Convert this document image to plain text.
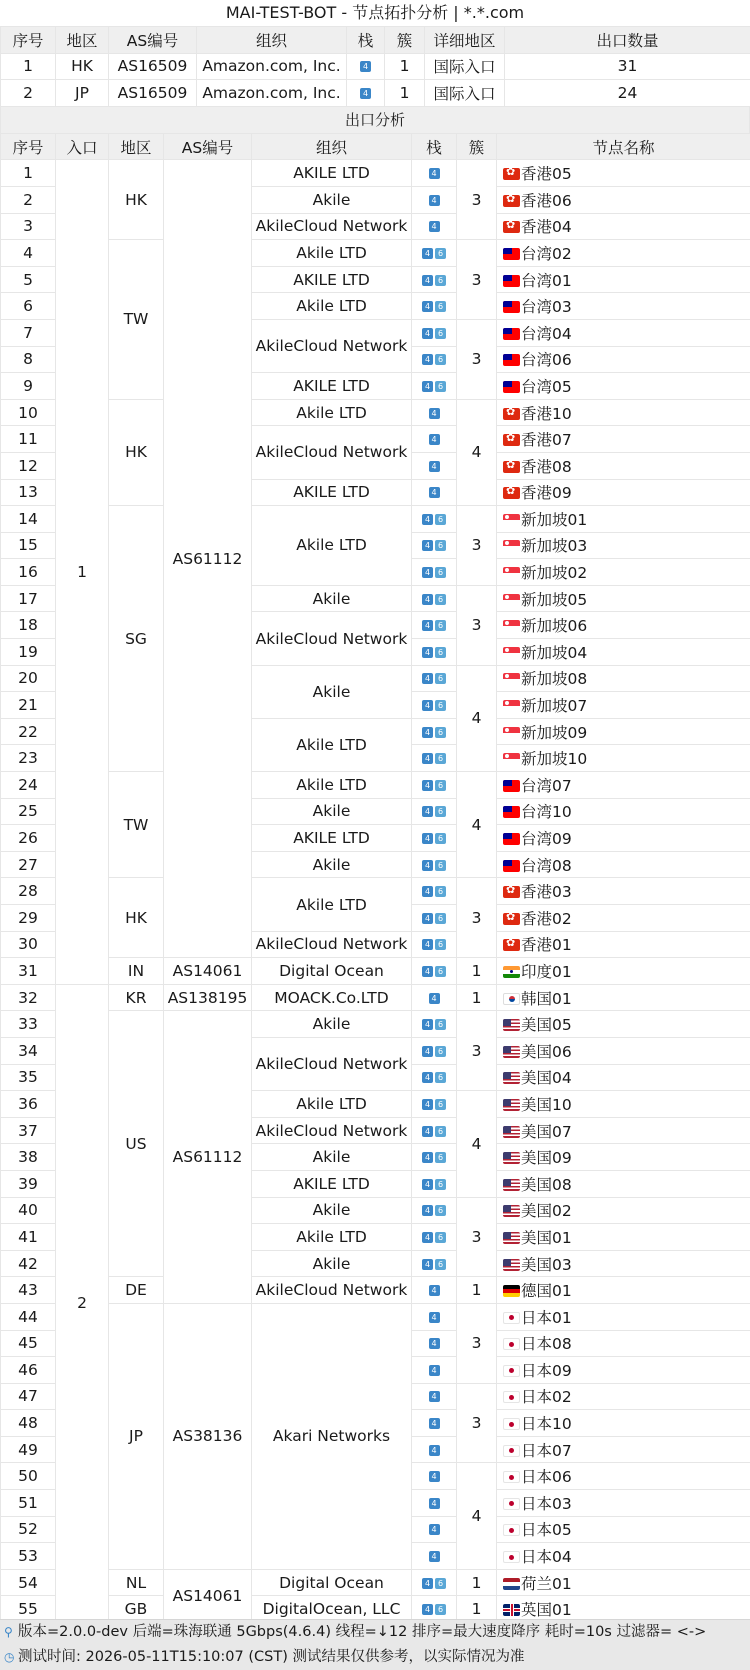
MAI-TEST-BOT - 节点拓扑分析 | *.*.com
序号	地区	AS编号	组织	栈	簇	详细地区	出口数量
1	HK	AS16509	Amazon.com, Inc.	4	1	国际入口	31
2	JP	AS16509	Amazon.com, Inc.	4	1	国际入口	24
出口分析
序号	入口	地区	AS编号	组织	栈	簇	节点名称
1	1	HK	AS61112	AKILE LTD	4	3	✿香港05
2				Akile	4	✿香港06
3				AkileCloud Network	4	✿香港04
4		TW		Akile LTD	4 6	3	台湾02
5				AKILE LTD	4 6		台湾01
6				Akile LTD	4 6		台湾03
7				AkileCloud Network	4 6	3	台湾04
8					4 6		台湾06
9				AKILE LTD	4 6		台湾05
10		HK		Akile LTD	4	4	✿香港10
11				AkileCloud Network	4	✿香港07
12					4	✿香港08
13				AKILE LTD	4	✿香港09
14		SG		Akile LTD	4 6	3	新加坡01
15					4 6		新加坡03
16					4 6		新加坡02
17				Akile	4 6	3	新加坡05
18				AkileCloud Network	4 6		新加坡06
19					4 6		新加坡04
20				Akile	4 6	4	新加坡08
21					4 6		新加坡07
22				Akile LTD	4 6		新加坡09
23					4 6		新加坡10
24		TW		Akile LTD	4 6	4	台湾07
25				Akile	4 6		台湾10
26				AKILE LTD	4 6		台湾09
27				Akile	4 6		台湾08
28		HK		Akile LTD	4 6	3	✿香港03
29					4 6	✿香港02
30				AkileCloud Network	4 6	✿香港01
31		IN	AS14061	Digital Ocean	4 6	1	印度01
32	2	KR	AS138195	MOACK.Co.LTD	4	1	韩国01
33		US	AS61112	Akile	4 6	3	美国05
34				AkileCloud Network	4 6		美国06
35					4 6		美国04
36				Akile LTD	4 6	4	美国10
37				AkileCloud Network	4 6		美国07
38				Akile	4 6		美国09
39				AKILE LTD	4 6		美国08
40				Akile	4 6	3	美国02
41				Akile LTD	4 6		美国01
42				Akile	4 6		美国03
43		DE		AkileCloud Network	4	1	德国01
44		JP	AS38136	Akari Networks	4	3	日本01
45					4		日本08
46					4		日本09
47					4	3	日本02
48					4		日本10
49					4		日本07
50					4	4	日本06
51					4		日本03
52					4		日本05
53					4		日本04
54		NL	AS14061	Digital Ocean	4 6	1	荷兰01
55		GB		DigitalOcean, LLC	4 6	1	英国01
⚲ 版本=2.0.0-dev 后端=珠海联通 5Gbps(4.6.4) 线程=↓12 排序=最大速度降序 耗时=10s 过滤器= <->
◷ 测试时间: 2026-05-11T15:10:07 (CST) 测试结果仅供参考，以实际情况为准
